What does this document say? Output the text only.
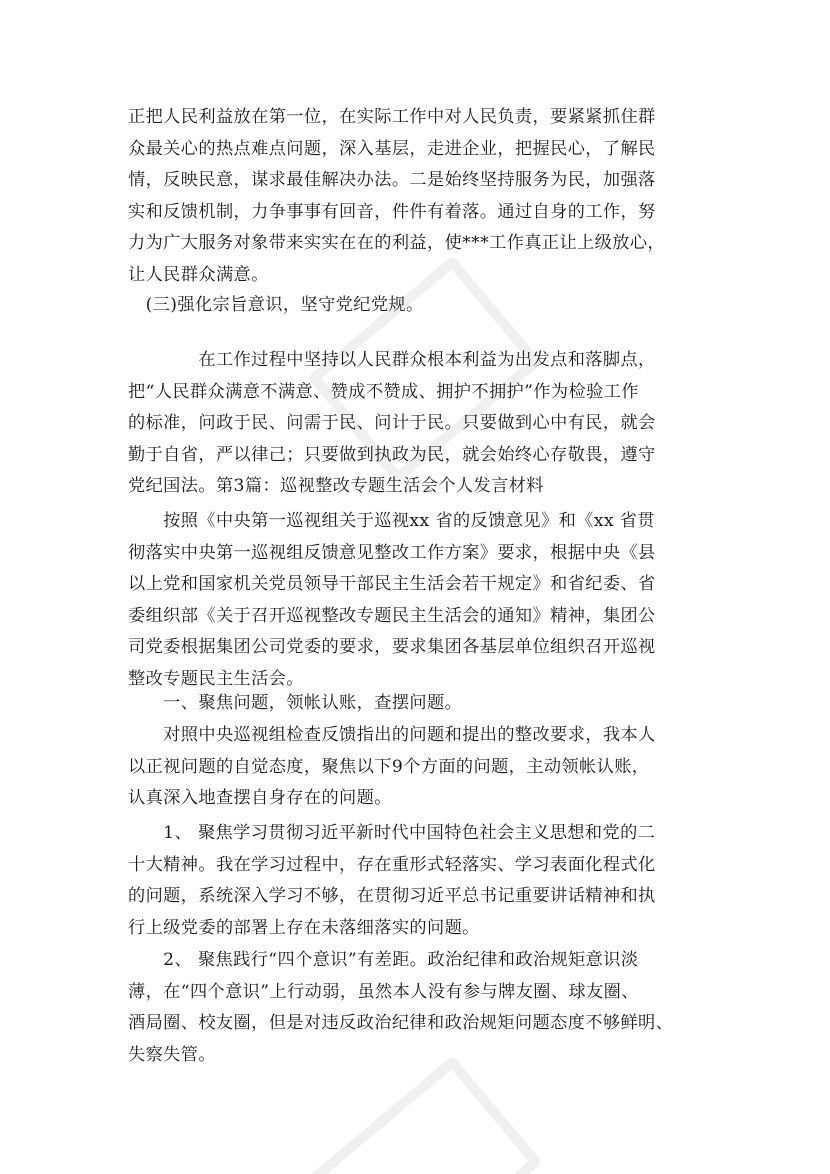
正把人民利益放在第一位，在实际工作中对人民负责，要紧紧抓住群
众最关心的热点难点问题，深入基层，走进企业，把握民心，了解民
情，反映民意，谋求最佳解决办法。二是始终坚持服务为民，加强落
实和反馈机制，力争事事有回音，件件有着落。通过自身的工作，努
力为广大服务对象带来实实在在的利益，使***工作真正让上级放心，
让人民群众满意。

　(三)强化宗旨意识，坚守党纪党规。

　　　　在工作过程中坚持以人民群众根本利益为出发点和落脚点，
把“人民群众满意不满意、赞成不赞成、拥护不拥护”作为检验工作
的标准，问政于民、问需于民、问计于民。只要做到心中有民，就会
勤于自省，严以律己；只要做到执政为民，就会始终心存敬畏，遵守
党纪国法。第3篇：巡视整改专题生活会个人发言材料

　　按照《中央第一巡视组关于巡视xx 省的反馈意见》和《xx 省贯
彻落实中央第一巡视组反馈意见整改工作方案》要求，根据中央《县
以上党和国家机关党员领导干部民主生活会若干规定》和省纪委、省
委组织部《关于召开巡视整改专题民主生活会的通知》精神，集团公
司党委根据集团公司党委的要求，要求集团各基层单位组织召开巡视
整改专题民主生活会。

　　一、聚焦问题，领帐认账，查摆问题。

　　对照中央巡视组检查反馈指出的问题和提出的整改要求，我本人
以正视问题的自觉态度，聚焦以下9个方面的问题，主动领帐认账，
认真深入地查摆自身存在的问题。

　　1、 聚焦学习贯彻习近平新时代中国特色社会主义思想和党的二
十大精神。我在学习过程中，存在重形式轻落实、学习表面化程式化
的问题，系统深入学习不够，在贯彻习近平总书记重要讲话精神和执
行上级党委的部署上存在未落细落实的问题。

　　2、 聚焦践行“四个意识”有差距。政治纪律和政治规矩意识淡
薄，在“四个意识”上行动弱，虽然本人没有参与牌友圈、球友圈、
酒局圈、校友圈，但是对违反政治纪律和政治规矩问题态度不够鲜明、
失察失管。
